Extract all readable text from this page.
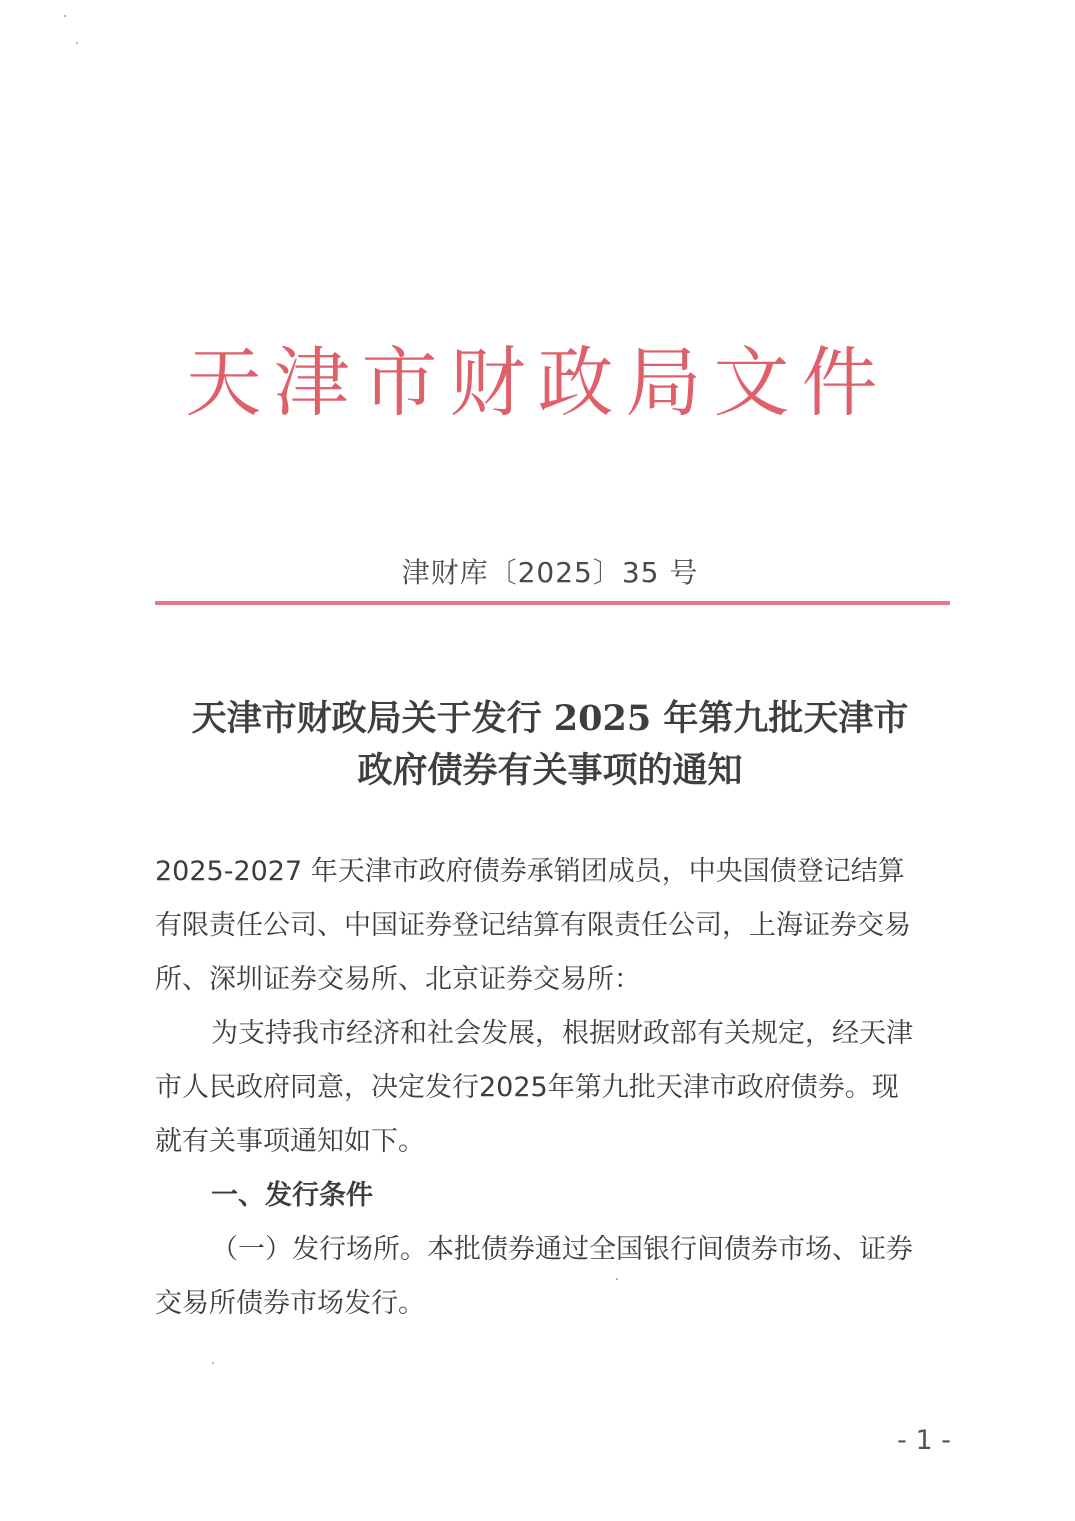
天津市财政局文件
津财库〔2025〕35 号
天津市财政局关于发行 2025 年第九批天津市
政府债券有关事项的通知

2025-2027 年天津市政府债券承销团成员，中央国债登记结算
有限责任公司、中国证券登记结算有限责任公司，上海证券交易
所、深圳证券交易所、北京证券交易所：

为支持我市经济和社会发展，根据财政部有关规定，经天津
市人民政府同意，决定发行2025年第九批天津市政府债券。现
就有关事项通知如下。

一、发行条件

（一）发行场所。本批债券通过全国银行间债券市场、证券
交易所债券市场发行。

- 1 -
